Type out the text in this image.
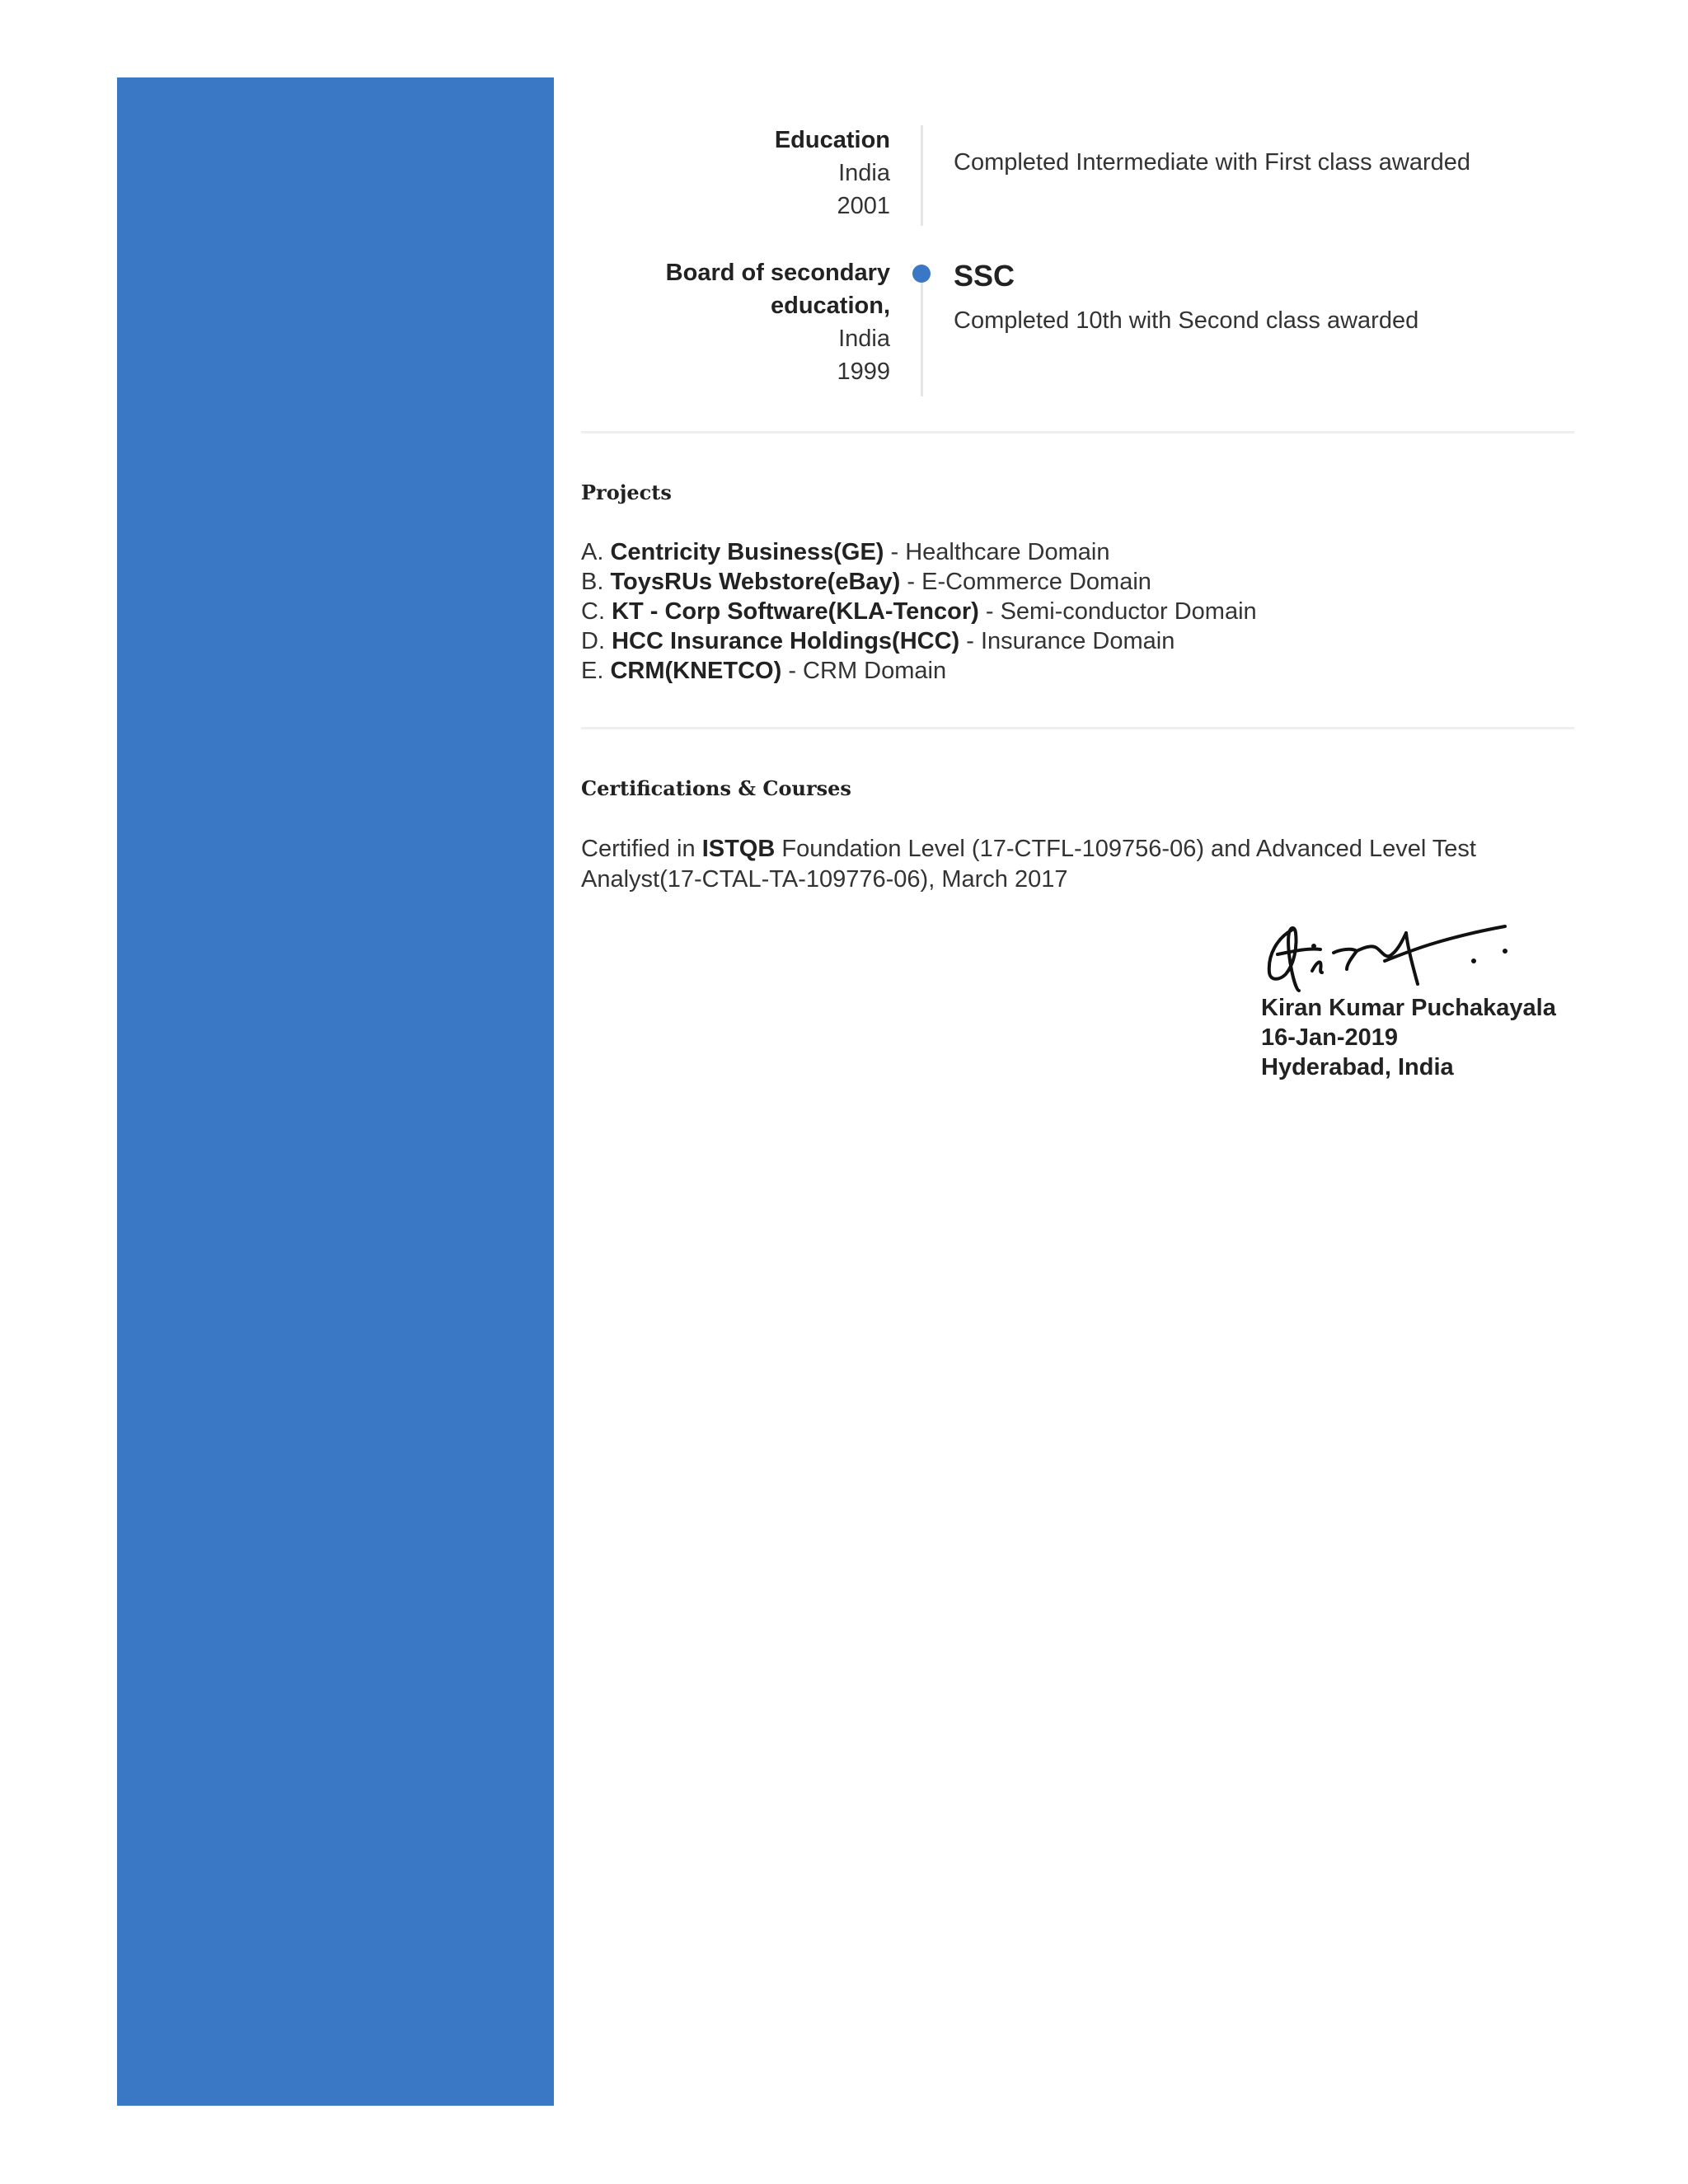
Education
India
2001

Completed Intermediate with First class awarded

Board of secondary education,
India
1999

SSC

Completed 10th with Second class awarded

Projects
A. Centricity Business(GE) - Healthcare Domain
B. ToysRUs Webstore(eBay) - E-Commerce Domain
C. KT - Corp Software(KLA-Tencor) - Semi-conductor Domain
D. HCC Insurance Holdings(HCC) - Insurance Domain
E. CRM(KNETCO) - CRM Domain
Certifications & Courses

Certified in ISTQB Foundation Level (17-CTFL-109756-06) and Advanced Level Test Analyst(17-CTAL-TA-109776-06), March 2017

Kiran Kumar Puchakayala
16-Jan-2019
Hyderabad, India
